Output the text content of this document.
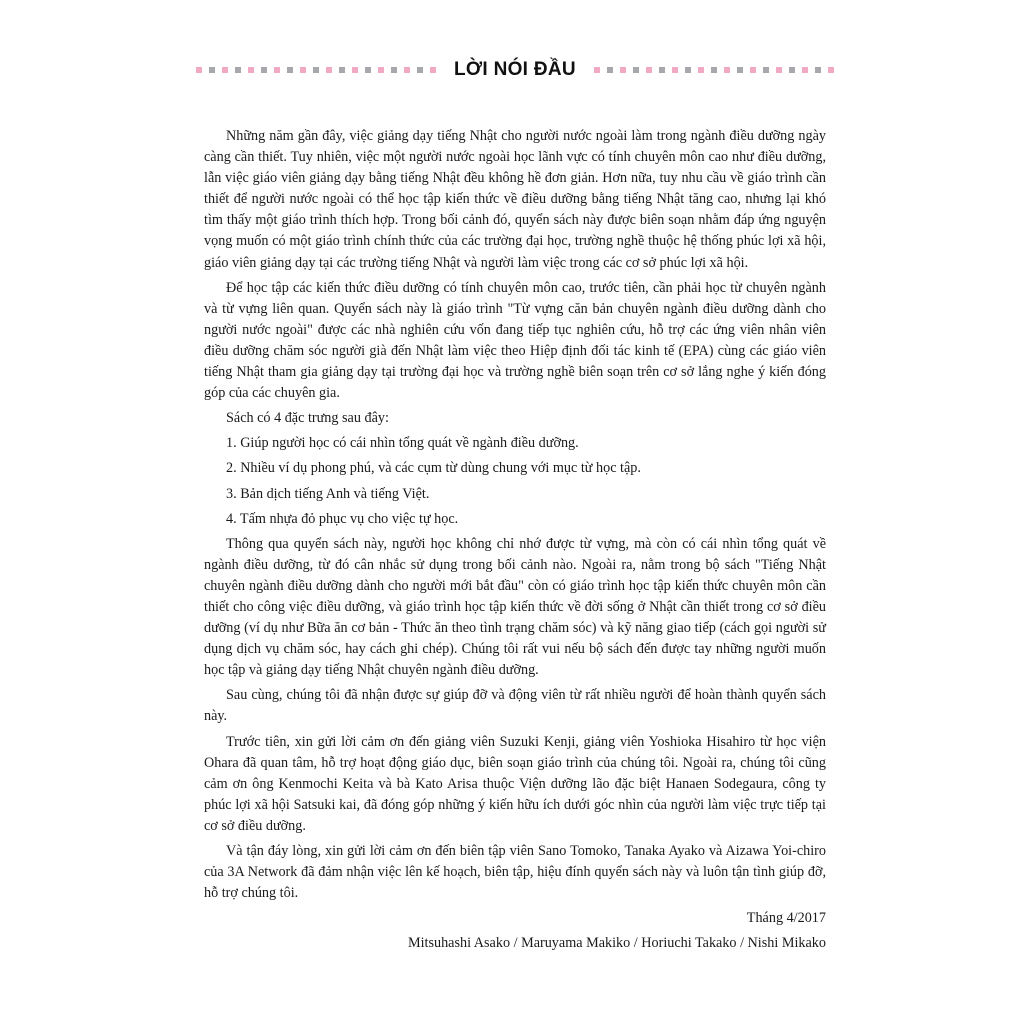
LỜI NÓI ĐẦU

Những năm gần đây, việc giảng dạy tiếng Nhật cho người nước ngoài làm trong ngành điều dưỡng ngày càng cần thiết. Tuy nhiên, việc một người nước ngoài học lãnh vực có tính chuyên môn cao như điều dưỡng, lẫn việc giáo viên giảng dạy bằng tiếng Nhật đều không hề đơn giản. Hơn nữa, tuy nhu cầu về giáo trình cần thiết để người nước ngoài có thể học tập kiến thức về điều dưỡng bằng tiếng Nhật tăng cao, nhưng lại khó tìm thấy một giáo trình thích hợp. Trong bối cảnh đó, quyển sách này được biên soạn nhằm đáp ứng nguyện vọng muốn có một giáo trình chính thức của các trường đại học, trường nghề thuộc hệ thống phúc lợi xã hội, giáo viên giảng dạy tại các trường tiếng Nhật và người làm việc trong các cơ sở phúc lợi xã hội.

Để học tập các kiến thức điều dưỡng có tính chuyên môn cao, trước tiên, cần phải học từ chuyên ngành và từ vựng liên quan. Quyển sách này là giáo trình "Từ vựng căn bản chuyên ngành điều dưỡng dành cho người nước ngoài" được các nhà nghiên cứu vốn đang tiếp tục nghiên cứu, hỗ trợ các ứng viên nhân viên điều dưỡng chăm sóc người già đến Nhật làm việc theo Hiệp định đối tác kinh tế (EPA) cùng các giáo viên tiếng Nhật tham gia giảng dạy tại trường đại học và trường nghề biên soạn trên cơ sở lắng nghe ý kiến đóng góp của các chuyên gia.

Sách có 4 đặc trưng sau đây:

1. Giúp người học có cái nhìn tổng quát về ngành điều dưỡng.

2. Nhiều ví dụ phong phú, và các cụm từ dùng chung với mục từ học tập.

3. Bản dịch tiếng Anh và tiếng Việt.

4. Tấm nhựa đỏ phục vụ cho việc tự học.

Thông qua quyển sách này, người học không chỉ nhớ được từ vựng, mà còn có cái nhìn tổng quát về ngành điều dưỡng, từ đó cân nhắc sử dụng trong bối cảnh nào. Ngoài ra, nằm trong bộ sách "Tiếng Nhật chuyên ngành điều dưỡng dành cho người mới bắt đầu" còn có giáo trình học tập kiến thức chuyên môn cần thiết cho công việc điều dưỡng, và giáo trình học tập kiến thức về đời sống ở Nhật cần thiết trong cơ sở điều dưỡng (ví dụ như Bữa ăn cơ bản - Thức ăn theo tình trạng chăm sóc) và kỹ năng giao tiếp (cách gọi người sử dụng dịch vụ chăm sóc, hay cách ghi chép). Chúng tôi rất vui nếu bộ sách đến được tay những người muốn học tập và giảng dạy tiếng Nhật chuyên ngành điều dưỡng.

Sau cùng, chúng tôi đã nhận được sự giúp đỡ và động viên từ rất nhiều người để hoàn thành quyển sách này.

Trước tiên, xin gửi lời cảm ơn đến giảng viên Suzuki Kenji, giảng viên Yoshioka Hisahiro từ học viện Ohara đã quan tâm, hỗ trợ hoạt động giáo dục, biên soạn giáo trình của chúng tôi. Ngoài ra, chúng tôi cũng cảm ơn ông Kenmochi Keita và bà Kato Arisa thuộc Viện dưỡng lão đặc biệt Hanaen Sodegaura, công ty phúc lợi xã hội Satsuki kai, đã đóng góp những ý kiến hữu ích dưới góc nhìn của người làm việc trực tiếp tại cơ sở điều dưỡng.

Và tận đáy lòng, xin gửi lời cảm ơn đến biên tập viên Sano Tomoko, Tanaka Ayako và Aizawa Yoi-chiro của 3A Network đã đảm nhận việc lên kế hoạch, biên tập, hiệu đính quyển sách này và luôn tận tình giúp đỡ, hỗ trợ chúng tôi.

Tháng 4/2017

Mitsuhashi Asako / Maruyama Makiko / Horiuchi Takako / Nishi Mikako
